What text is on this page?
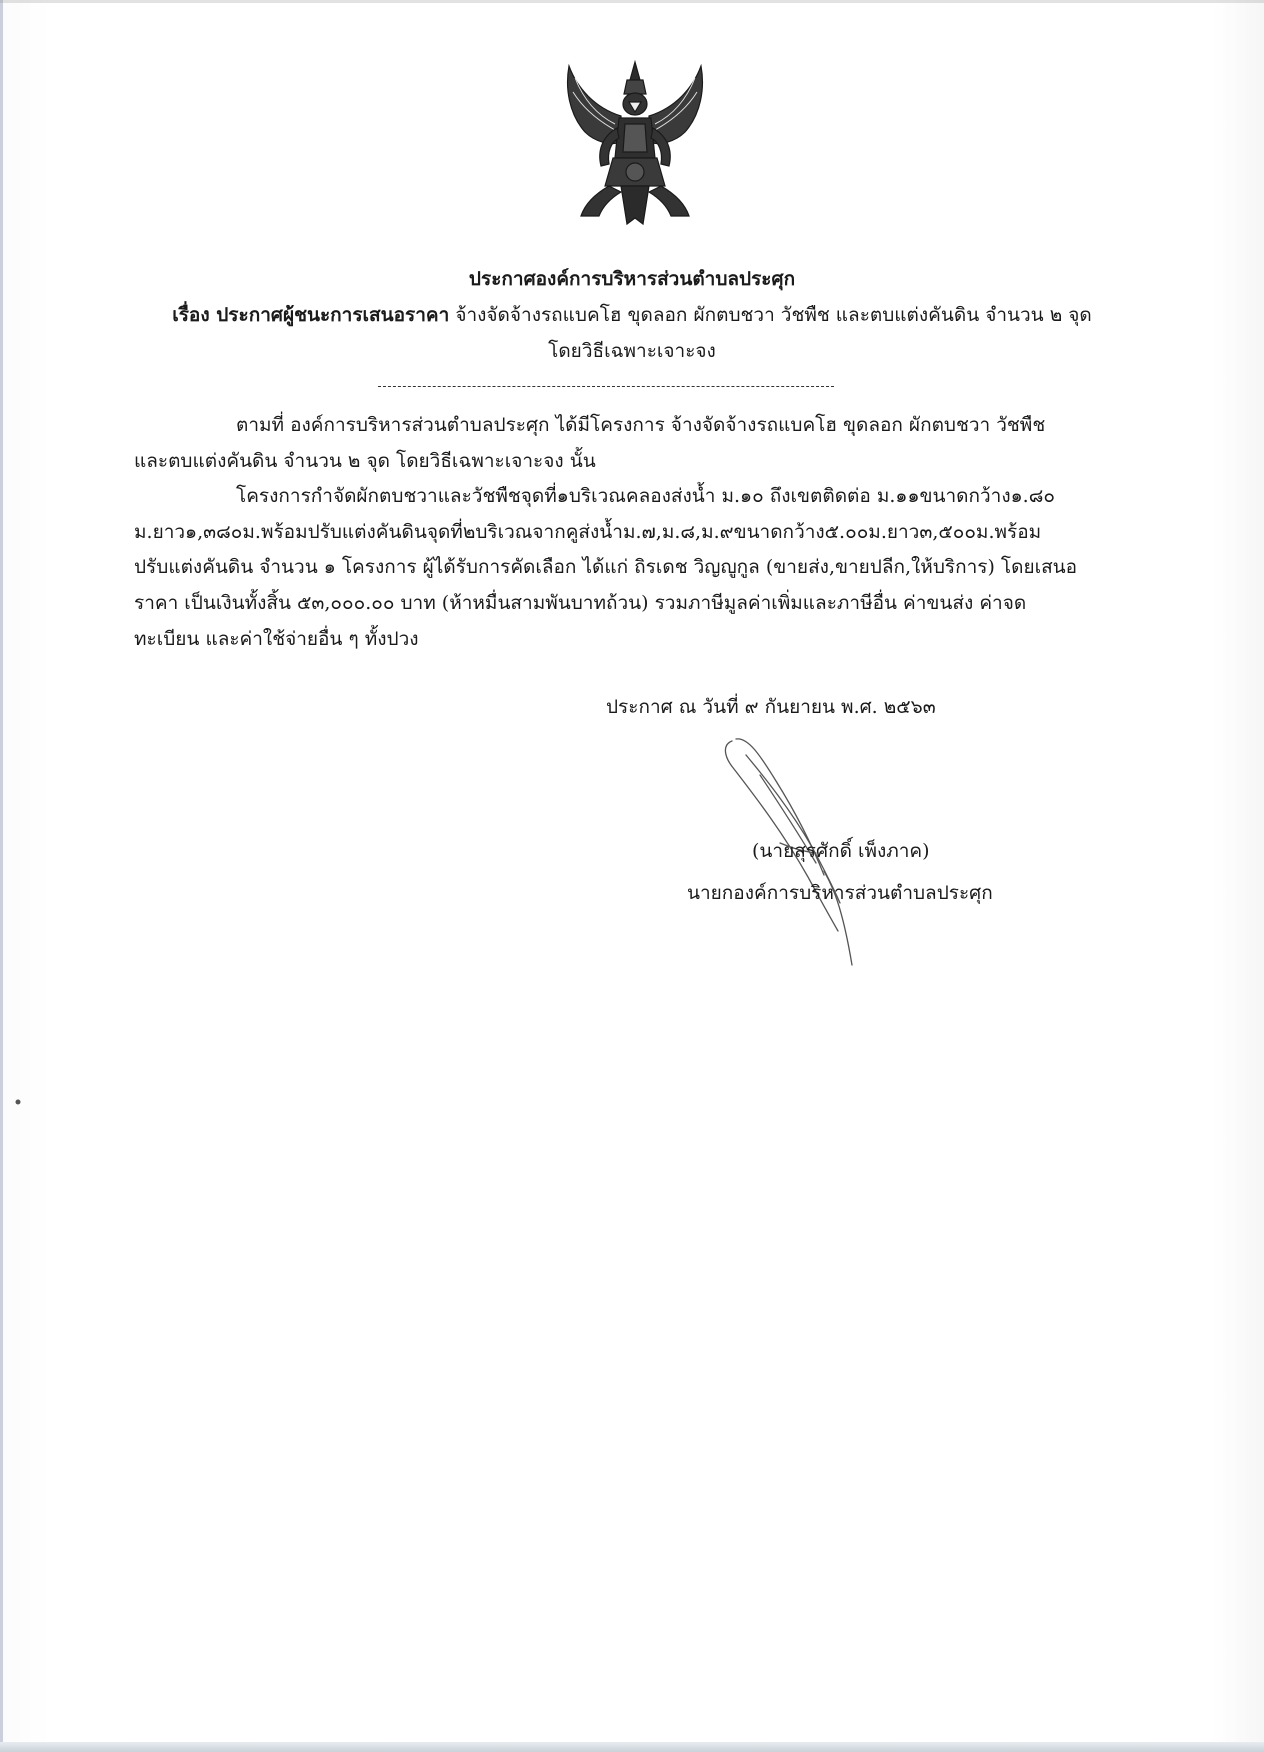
ประกาศองค์การบริหารส่วนตำบลประศุก
เรื่อง ประกาศผู้ชนะการเสนอราคา จ้างจัดจ้างรถแบคโฮ ขุดลอก ผักตบชวา วัชพืช และตบแต่งคันดิน จำนวน ๒ จุด
โดยวิธีเฉพาะเจาะจง
ตามที่ องค์การบริหารส่วนตำบลประศุก ได้มีโครงการ จ้างจัดจ้างรถแบคโฮ ขุดลอก ผักตบชวา วัชพืช
และตบแต่งคันดิน จำนวน ๒ จุด โดยวิธีเฉพาะเจาะจง นั้น
โครงการกำจัดผักตบชวาและวัชพืชจุดที่๑บริเวณคลองส่งน้ำ ม.๑๐ ถึงเขตติดต่อ ม.๑๑ขนาดกว้าง๑.๘๐
ม.ยาว๑,๓๘๐ม.พร้อมปรับแต่งคันดินจุดที่๒บริเวณจากคูส่งน้ำม.๗,ม.๘,ม.๙ขนาดกว้าง๕.๐๐ม.ยาว๓,๕๐๐ม.พร้อม
ปรับแต่งคันดิน จำนวน ๑ โครงการ ผู้ได้รับการคัดเลือก ได้แก่ ถิรเดช วิญญูกูล (ขายส่ง,ขายปลีก,ให้บริการ) โดยเสนอ
ราคา เป็นเงินทั้งสิ้น ๕๓,๐๐๐.๐๐ บาท (ห้าหมื่นสามพันบาทถ้วน) รวมภาษีมูลค่าเพิ่มและภาษีอื่น ค่าขนส่ง ค่าจด
ทะเบียน และค่าใช้จ่ายอื่น ๆ ทั้งปวง
ประกาศ ณ วันที่ ๙ กันยายน พ.ศ. ๒๕๖๓
(นายสุรศักดิ์ เพ็งภาค)
นายกองค์การบริหารส่วนตำบลประศุก
